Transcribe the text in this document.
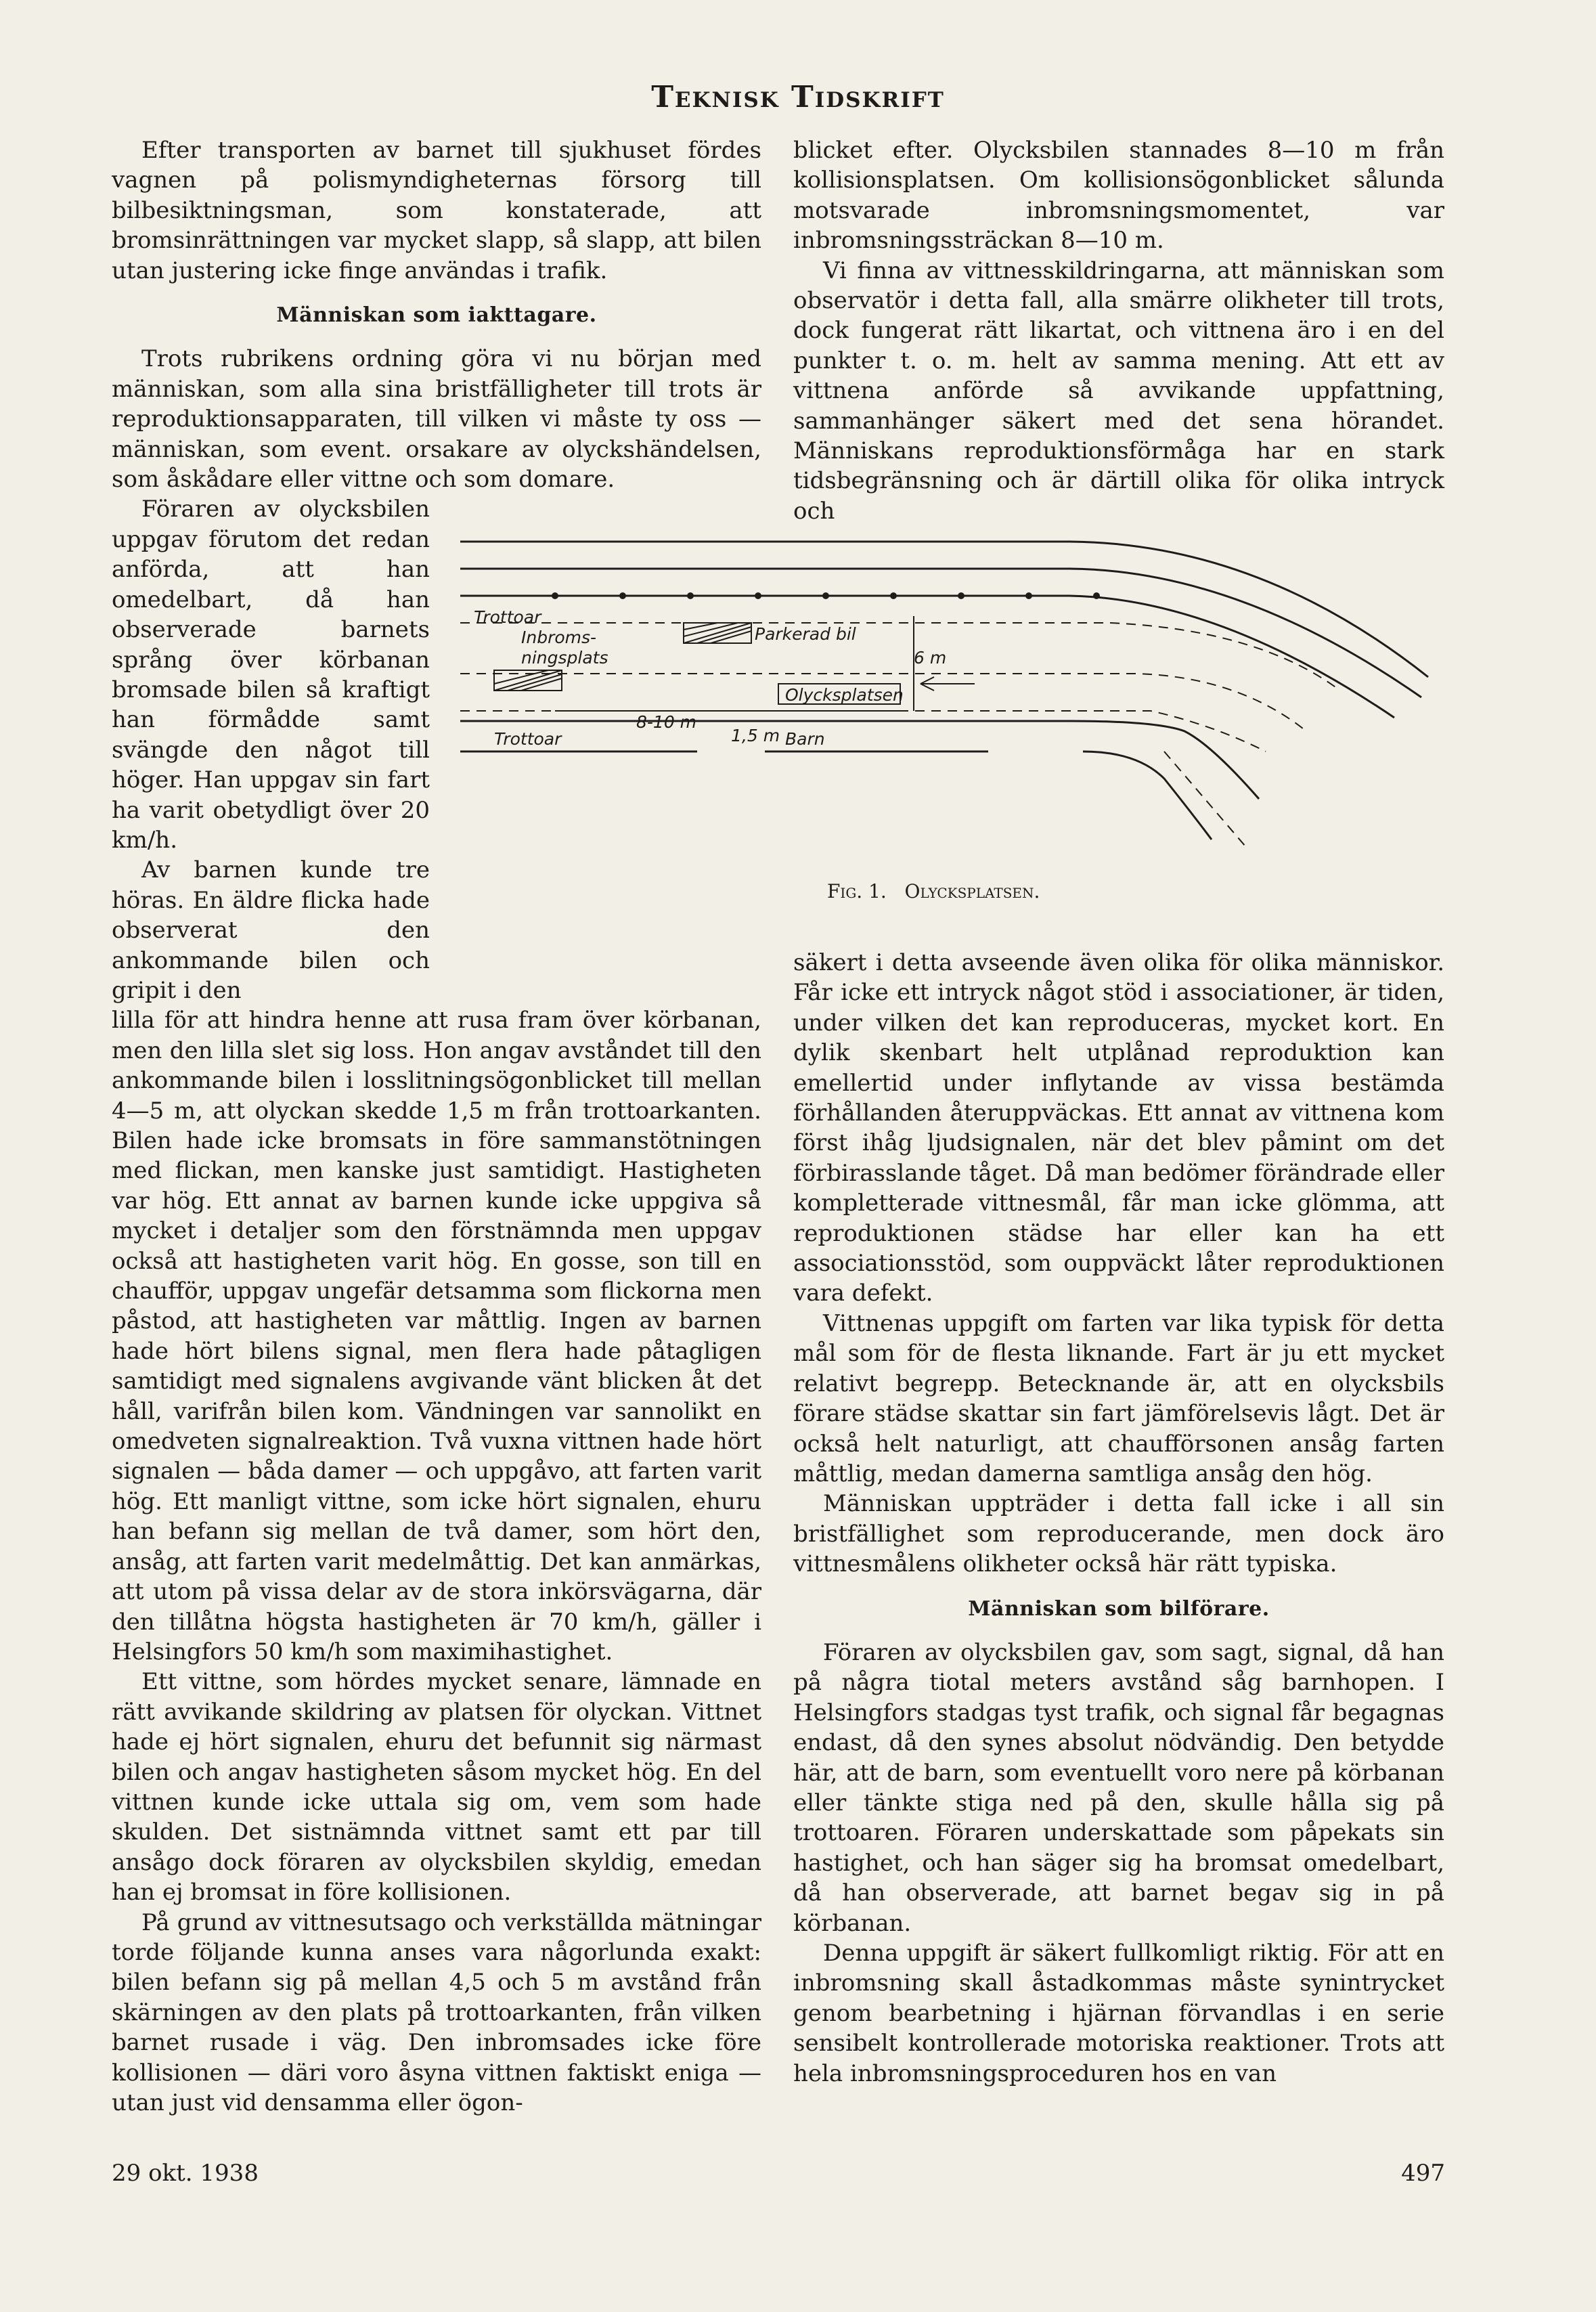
Teknisk Tidskrift

Efter transporten av barnet till sjukhuset fördes vagnen på polismyndigheternas försorg till bilbesiktningsman, som konstaterade, att bromsinrättningen var mycket slapp, så slapp, att bilen utan justering icke finge användas i trafik.

Människan som iakttagare.

Trots rubrikens ordning göra vi nu början med människan, som alla sina bristfälligheter till trots är reproduktionsapparaten, till vilken vi måste ty oss — människan, som event. orsakare av olyckshändelsen, som åskådare eller vittne och som domare.

Föraren av olycksbilen uppgav förutom det redan anförda, att han omedelbart, då han observerade barnets språng över körbanan bromsade bilen så kraftigt han förmådde samt svängde den något till höger. Han uppgav sin fart ha varit obetydligt över 20 km/h.

Av barnen kunde tre höras. En äldre flicka hade observerat den ankommande bilen och gripit i den

lilla för att hindra henne att rusa fram över körbanan, men den lilla slet sig loss. Hon angav avståndet till den ankommande bilen i losslitningsögonblicket till mellan 4—5 m, att olyckan skedde 1,5 m från trottoarkanten. Bilen hade icke bromsats in före sammanstötningen med flickan, men kanske just samtidigt. Hastigheten var hög. Ett annat av barnen kunde icke uppgiva så mycket i detaljer som den förstnämnda men uppgav också att hastigheten varit hög. En gosse, son till en chaufför, uppgav ungefär detsamma som flickorna men påstod, att hastigheten var måttlig. Ingen av barnen hade hört bilens signal, men flera hade påtagligen samtidigt med signalens avgivande vänt blicken åt det håll, varifrån bilen kom. Vändningen var sannolikt en omedveten signalreaktion. Två vuxna vittnen hade hört signalen — båda damer — och uppgåvo, att farten varit hög. Ett manligt vittne, som icke hört signalen, ehuru han befann sig mellan de två damer, som hört den, ansåg, att farten varit medelmåttig. Det kan anmärkas, att utom på vissa delar av de stora inkörsvägarna, där den tillåtna högsta hastigheten är 70 km/h, gäller i Helsingfors 50 km/h som maximihastighet.

Ett vittne, som hördes mycket senare, lämnade en rätt avvikande skildring av platsen för olyckan. Vittnet hade ej hört signalen, ehuru det befunnit sig närmast bilen och angav hastigheten såsom mycket hög. En del vittnen kunde icke uttala sig om, vem som hade skulden. Det sistnämnda vittnet samt ett par till ansågo dock föraren av olycksbilen skyldig, emedan han ej bromsat in före kollisionen.

På grund av vittnesutsago och verkställda mätningar torde följande kunna anses vara någorlunda exakt: bilen befann sig på mellan 4,5 och 5 m avstånd från skärningen av den plats på trottoarkanten, från vilken barnet rusade i väg. Den inbromsades icke före kollisionen — däri voro åsyna vittnen faktiskt eniga — utan just vid densamma eller ögon-

blicket efter. Olycksbilen stannades 8—10 m från kollisionsplatsen. Om kollisionsögonblicket sålunda motsvarade inbromsningsmomentet, var inbromsningssträckan 8—10 m.

Vi finna av vittnesskildringarna, att människan som observatör i detta fall, alla smärre olikheter till trots, dock fungerat rätt likartat, och vittnena äro i en del punkter t. o. m. helt av samma mening. Att ett av vittnena anförde så avvikande uppfattning, sammanhänger säkert med det sena hörandet. Människans reproduktionsförmåga har en stark tidsbegränsning och är därtill olika för olika intryck och

Trottoar
Inbroms-
ningsplats
Parkerad bil
6 m
Olycksplatsen
8-10 m
1,5 m Barn
Trottoar
Fig. 1. Olycksplatsen.

säkert i detta avseende även olika för olika människor. Får icke ett intryck något stöd i associationer, är tiden, under vilken det kan reproduceras, mycket kort. En dylik skenbart helt utplånad reproduktion kan emellertid under inflytande av vissa bestämda förhållanden återuppväckas. Ett annat av vittnena kom först ihåg ljudsignalen, när det blev påmint om det förbirasslande tåget. Då man bedömer förändrade eller kompletterade vittnesmål, får man icke glömma, att reproduktionen städse har eller kan ha ett associationsstöd, som ouppväckt låter reproduktionen vara defekt.

Vittnenas uppgift om farten var lika typisk för detta mål som för de flesta liknande. Fart är ju ett mycket relativt begrepp. Betecknande är, att en olycksbils förare städse skattar sin fart jämförelsevis lågt. Det är också helt naturligt, att chaufförsonen ansåg farten måttlig, medan damerna samtliga ansåg den hög.

Människan uppträder i detta fall icke i all sin bristfällighet som reproducerande, men dock äro vittnesmålens olikheter också här rätt typiska.

Människan som bilförare.

Föraren av olycksbilen gav, som sagt, signal, då han på några tiotal meters avstånd såg barnhopen. I Helsingfors stadgas tyst trafik, och signal får begagnas endast, då den synes absolut nödvändig. Den betydde här, att de barn, som eventuellt voro nere på körbanan eller tänkte stiga ned på den, skulle hålla sig på trottoaren. Föraren underskattade som påpekats sin hastighet, och han säger sig ha bromsat omedelbart, då han observerade, att barnet begav sig in på körbanan.

Denna uppgift är säkert fullkomligt riktig. För att en inbromsning skall åstadkommas måste synintrycket genom bearbetning i hjärnan förvandlas i en serie sensibelt kontrollerade motoriska reaktioner. Trots att hela inbromsningsproceduren hos en van

29 okt. 1938	497
